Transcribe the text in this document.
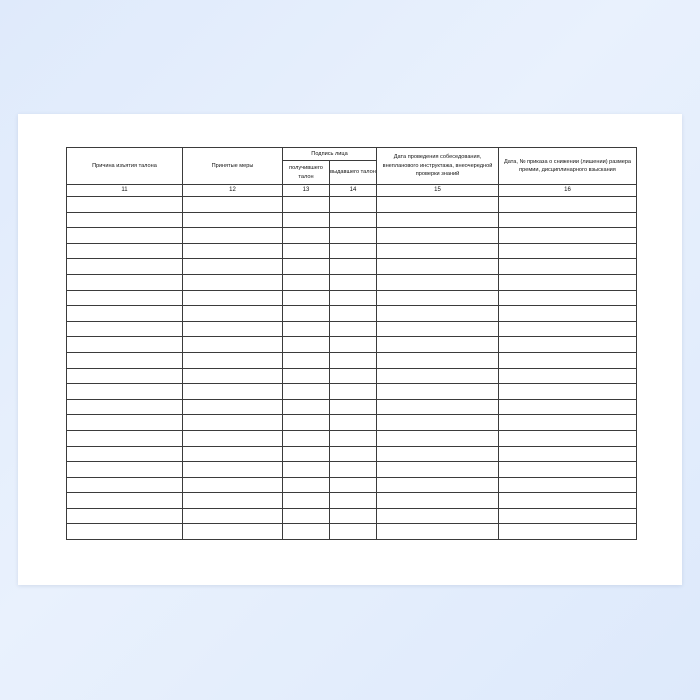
Причина изъятия талона	Принятые меры	Подпись лица		Дата проведения собеседования, внепланового инструктажа, внеочередной проверки знаний	Дата, № приказа о снижении (лишении) размера премии, дисциплинарного взыскания
		получившего талон	выдавшего талон		
11	12	13	14	15	16
